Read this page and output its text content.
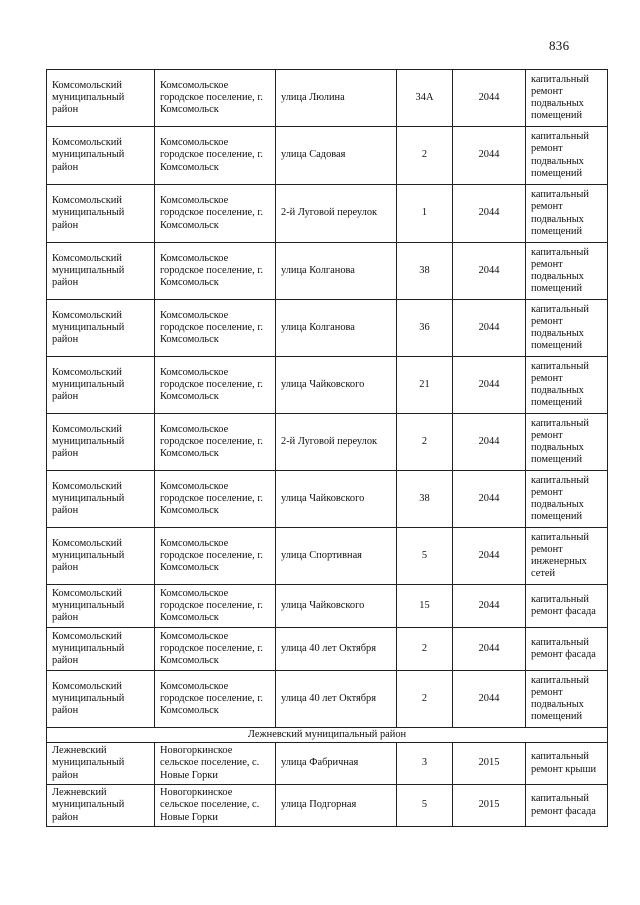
836
Комсомольский муниципальный район	Комсомольское городское поселение, г. Комсомольск	улица Люлина	34А	2044	капитальный ремонт подвальных помещений
Комсомольский муниципальный район	Комсомольское городское поселение, г. Комсомольск	улица Садовая	2	2044	капитальный ремонт подвальных помещений
Комсомольский муниципальный район	Комсомольское городское поселение, г. Комсомольск	2-й Луговой переулок	1	2044	капитальный ремонт подвальных помещений
Комсомольский муниципальный район	Комсомольское городское поселение, г. Комсомольск	улица Колганова	38	2044	капитальный ремонт подвальных помещений
Комсомольский муниципальный район	Комсомольское городское поселение, г. Комсомольск	улица Колганова	36	2044	капитальный ремонт подвальных помещений
Комсомольский муниципальный район	Комсомольское городское поселение, г. Комсомольск	улица Чайковского	21	2044	капитальный ремонт подвальных помещений
Комсомольский муниципальный район	Комсомольское городское поселение, г. Комсомольск	2-й Луговой переулок	2	2044	капитальный ремонт подвальных помещений
Комсомольский муниципальный район	Комсомольское городское поселение, г. Комсомольск	улица Чайковского	38	2044	капитальный ремонт подвальных помещений
Комсомольский муниципальный район	Комсомольское городское поселение, г. Комсомольск	улица Спортивная	5	2044	капитальный ремонт инженерных сетей
Комсомольский муниципальный район	Комсомольское городское поселение, г. Комсомольск	улица Чайковского	15	2044	капитальный ремонт фасада
Комсомольский муниципальный район	Комсомольское городское поселение, г. Комсомольск	улица 40 лет Октября	2	2044	капитальный ремонт фасада
Комсомольский муниципальный район	Комсомольское городское поселение, г. Комсомольск	улица 40 лет Октября	2	2044	капитальный ремонт подвальных помещений
Лежневский муниципальный район					
Лежневский муниципальный район	Новогоркинское сельское поселение, с. Новые Горки	улица Фабричная	3	2015	капитальный ремонт крыши
Лежневский муниципальный район	Новогоркинское сельское поселение, с. Новые Горки	улица Подгорная	5	2015	капитальный ремонт фасада
